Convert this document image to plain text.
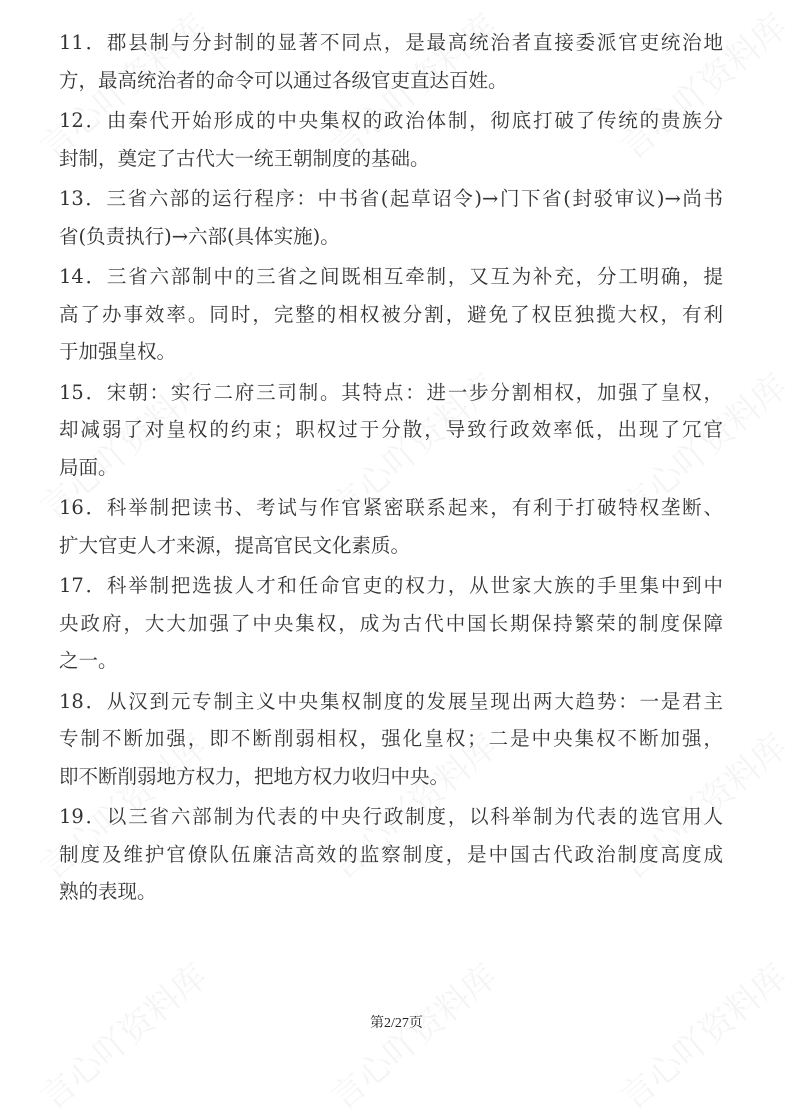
11．郡县制与分封制的显著不同点，是最高统治者直接委派官吏统治地
方，最高统治者的命令可以通过各级官吏直达百姓。
12．由秦代开始形成的中央集权的政治体制，彻底打破了传统的贵族分
封制，奠定了古代大一统王朝制度的基础。
13．三省六部的运行程序：中书省(起草诏令)→门下省(封驳审议)→尚书
省(负责执行)→六部(具体实施)。
14．三省六部制中的三省之间既相互牵制，又互为补充，分工明确，提
高了办事效率。同时，完整的相权被分割，避免了权臣独揽大权，有利
于加强皇权。
15．宋朝：实行二府三司制。其特点：进一步分割相权，加强了皇权，
却减弱了对皇权的约束；职权过于分散，导致行政效率低，出现了冗官
局面。
16．科举制把读书、考试与作官紧密联系起来，有利于打破特权垄断、
扩大官吏人才来源，提高官民文化素质。
17．科举制把选拔人才和任命官吏的权力，从世家大族的手里集中到中
央政府，大大加强了中央集权，成为古代中国长期保持繁荣的制度保障
之一。
18．从汉到元专制主义中央集权制度的发展呈现出两大趋势：一是君主
专制不断加强，即不断削弱相权，强化皇权；二是中央集权不断加强，
即不断削弱地方权力，把地方权力收归中央。
19．以三省六部制为代表的中央行政制度，以科举制为代表的选官用人
制度及维护官僚队伍廉洁高效的监察制度，是中国古代政治制度高度成
熟的表现。
第2/27页
